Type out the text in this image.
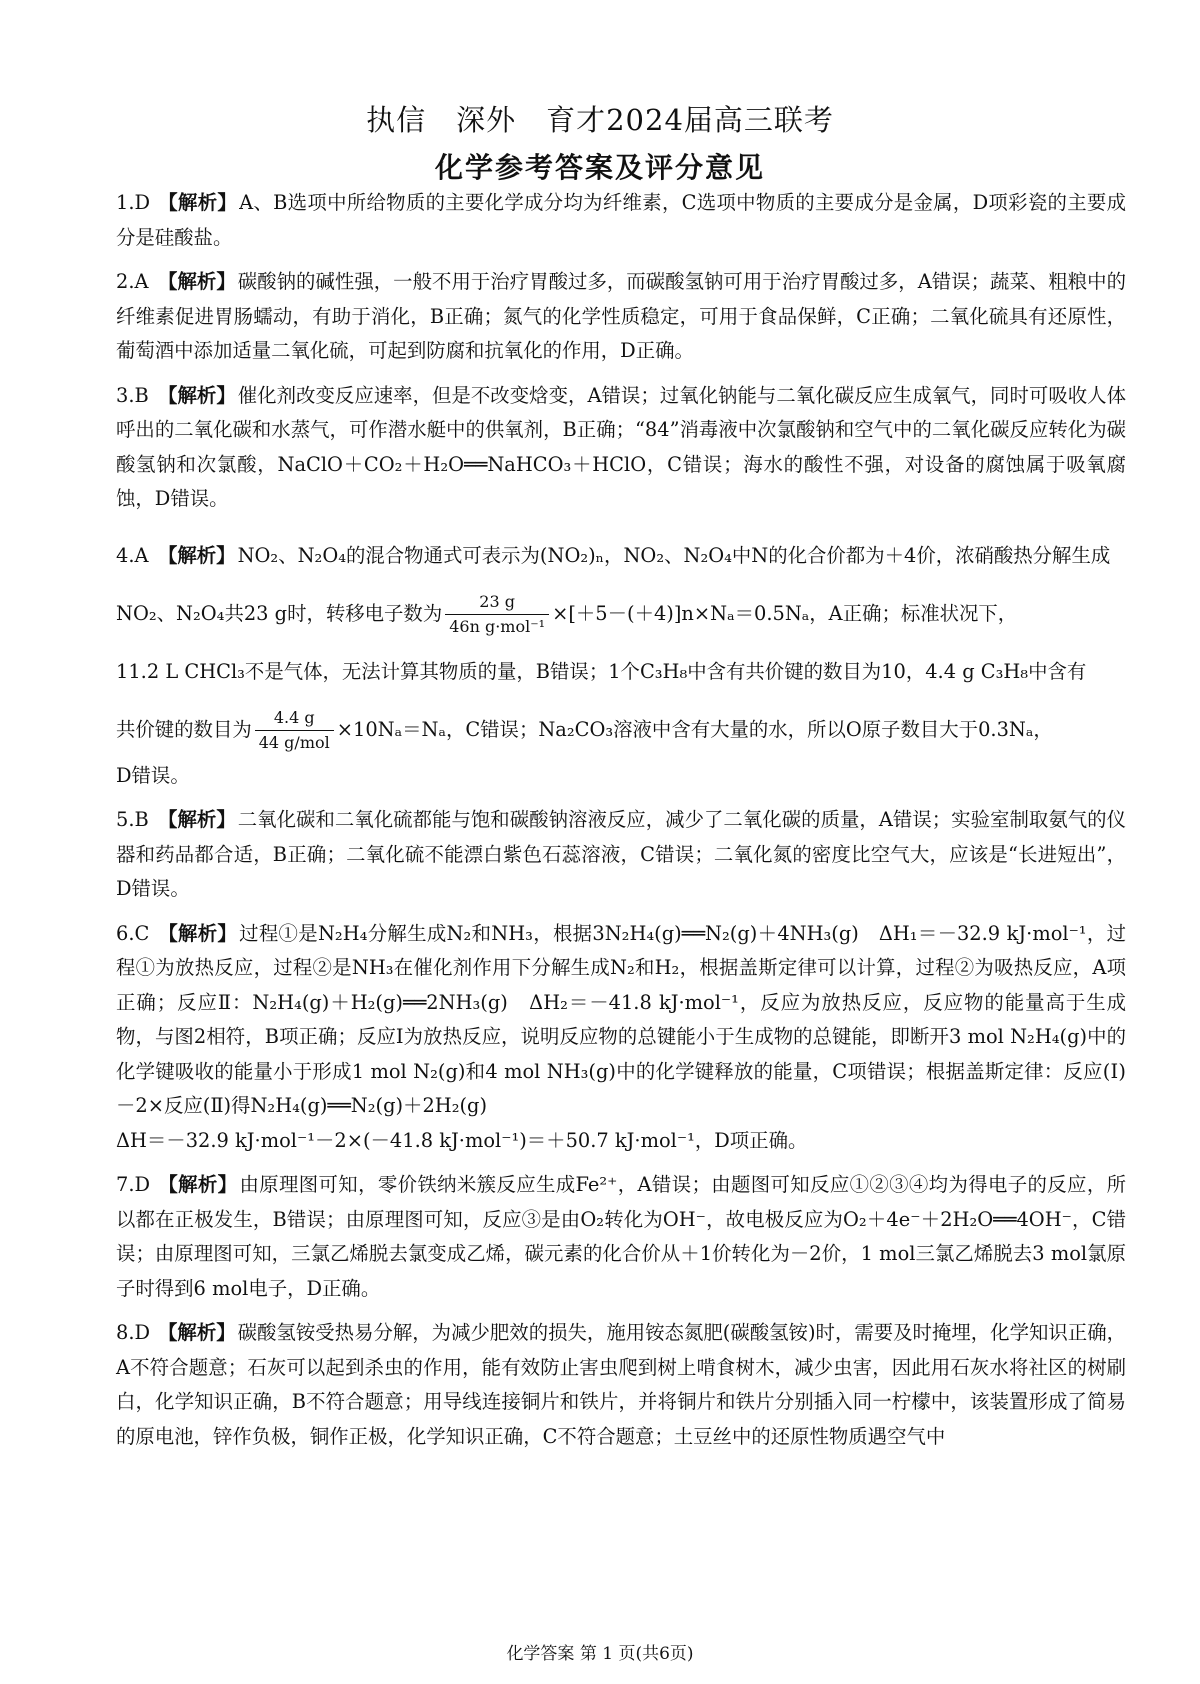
执信 深外 育才2024届高三联考
化学参考答案及评分意见

1.D 【解析】 A、B选项中所给物质的主要化学成分均为纤维素，C选项中物质的主要成分是金属，D项彩瓷的主要成分是硅酸盐。

2.A 【解析】 碳酸钠的碱性强，一般不用于治疗胃酸过多，而碳酸氢钠可用于治疗胃酸过多，A错误；蔬菜、粗粮中的纤维素促进胃肠蠕动，有助于消化，B正确；氮气的化学性质稳定，可用于食品保鲜，C正确；二氧化硫具有还原性，葡萄酒中添加适量二氧化硫，可起到防腐和抗氧化的作用，D正确。

3.B 【解析】 催化剂改变反应速率，但是不改变焓变，A错误；过氧化钠能与二氧化碳反应生成氧气，同时可吸收人体呼出的二氧化碳和水蒸气，可作潜水艇中的供氧剂，B正确；“84”消毒液中次氯酸钠和空气中的二氧化碳反应转化为碳酸氢钠和次氯酸，NaClO＋CO₂＋H₂O══NaHCO₃＋HClO，C错误；海水的酸性不强，对设备的腐蚀属于吸氧腐蚀，D错误。

4.A 【解析】 NO₂、N₂O₄的混合物通式可表示为(NO₂)ₙ，NO₂、N₂O₄中N的化合价都为＋4价，浓硝酸热分解生成

NO₂、N₂O₄共23 g时，转移电子数为 $\frac{23 g}{\text{46n g·mol⁻¹}} \times[+5-(+4)]n\times N_a=0.5N_a$，A正确；标准状况下，

11.2 L CHCl₃不是气体，无法计算其物质的量，B错误；1个C₃H₈中含有共价键的数目为10，4.4 g C₃H₈中含有

共价键的数目为 $\frac{4.4 g}{\text{44 g/mol}} \times 10N_a=N_a$，C错误；Na₂CO₃溶液中含有大量的水，所以O原子数目大于0.3Nₐ，

D错误。

5.B 【解析】 二氧化碳和二氧化硫都能与饱和碳酸钠溶液反应，减少了二氧化碳的质量，A错误；实验室制取氨气的仪器和药品都合适，B正确；二氧化硫不能漂白紫色石蕊溶液，C错误；二氧化氮的密度比空气大，应该是“长进短出”，D错误。

6.C 【解析】 过程①是N₂H₄分解生成N₂和NH₃，根据3N₂H₄(g)══N₂(g)＋4NH₃(g)　ΔH₁＝－32.9 kJ·mol⁻¹，过程①为放热反应，过程②是NH₃在催化剂作用下分解生成N₂和H₂，根据盖斯定律可以计算，过程②为吸热反应，A项正确；反应Ⅱ：N₂H₄(g)＋H₂(g)══2NH₃(g)　ΔH₂＝－41.8 kJ·mol⁻¹，反应为放热反应，反应物的能量高于生成物，与图2相符，B项正确；反应Ⅰ为放热反应，说明反应物的总键能小于生成物的总键能，即断开3 mol N₂H₄(g)中的化学键吸收的能量小于形成1 mol N₂(g)和4 mol NH₃(g)中的化学键释放的能量，C项错误；根据盖斯定律：反应(Ⅰ)－2×反应(Ⅱ)得N₂H₄(g)══N₂(g)＋2H₂(g)

ΔH＝－32.9 kJ·mol⁻¹－2×(－41.8 kJ·mol⁻¹)＝＋50.7 kJ·mol⁻¹，D项正确。

7.D 【解析】 由原理图可知，零价铁纳米簇反应生成Fe²⁺，A错误；由题图可知反应①②③④均为得电子的反应，所以都在正极发生，B错误；由原理图可知，反应③是由O₂转化为OH⁻，故电极反应为O₂＋4e⁻＋2H₂O══4OH⁻，C错误；由原理图可知，三氯乙烯脱去氯变成乙烯，碳元素的化合价从＋1价转化为－2价，1 mol三氯乙烯脱去3 mol氯原子时得到6 mol电子，D正确。

8.D 【解析】 碳酸氢铵受热易分解，为减少肥效的损失，施用铵态氮肥(碳酸氢铵)时，需要及时掩埋，化学知识正确，A不符合题意；石灰可以起到杀虫的作用，能有效防止害虫爬到树上啃食树木，减少虫害，因此用石灰水将社区的树刷白，化学知识正确，B不符合题意；用导线连接铜片和铁片，并将铜片和铁片分别插入同一柠檬中，该装置形成了简易的原电池，锌作负极，铜作正极，化学知识正确，C不符合题意；土豆丝中的还原性物质遇空气中

化学答案 第 1 页(共6页)
